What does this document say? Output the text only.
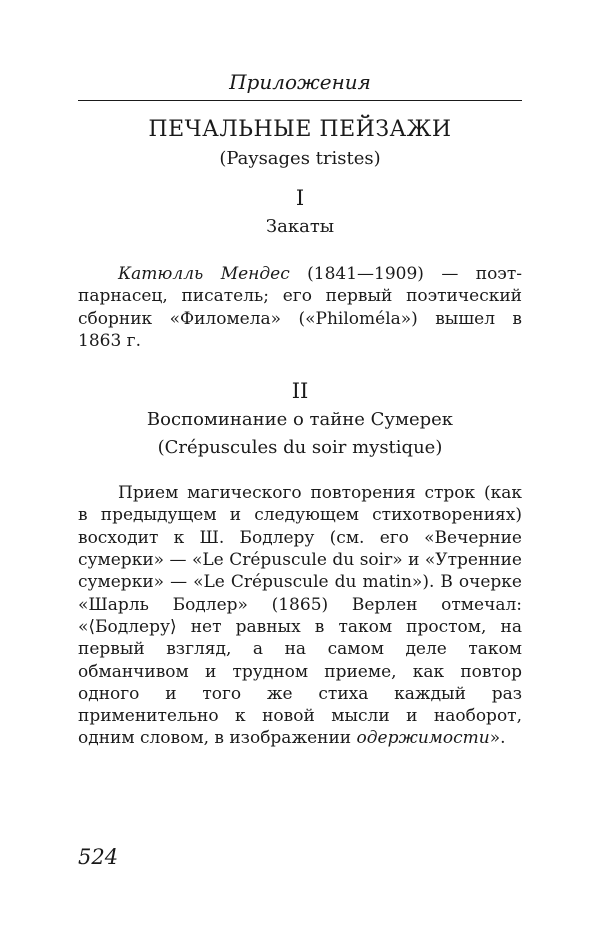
Приложения

ПЕЧАЛЬНЫЕ ПЕЙЗАЖИ

(Paysages tristes)

I

Закаты

Катюлль Мендес (1841—1909) — поэт-парнасец, писатель; его первый поэтический сборник «Филомела» («Philoméla») вышел в 1863 г.

II

Воспоминание о тайне Сумерек

(Crépuscules du soir mystique)

Прием магического повторения строк (как в предыдущем и следующем стихотворениях) восходит к Ш. Бодлеру (см. его «Вечерние сумерки» — «Le Crépuscule du soir» и «Утренние сумерки» — «Le Crépuscule du matin»). В очерке «Шарль Бодлер» (1865) Верлен отмечал: «⟨Бодлеру⟩ нет равных в таком простом, на первый взгляд, а на самом деле таком обманчивом и трудном приеме, как повтор одного и того же стиха каждый раз применительно к новой мысли и наоборот, одним словом, в изображении одержимости».

524
